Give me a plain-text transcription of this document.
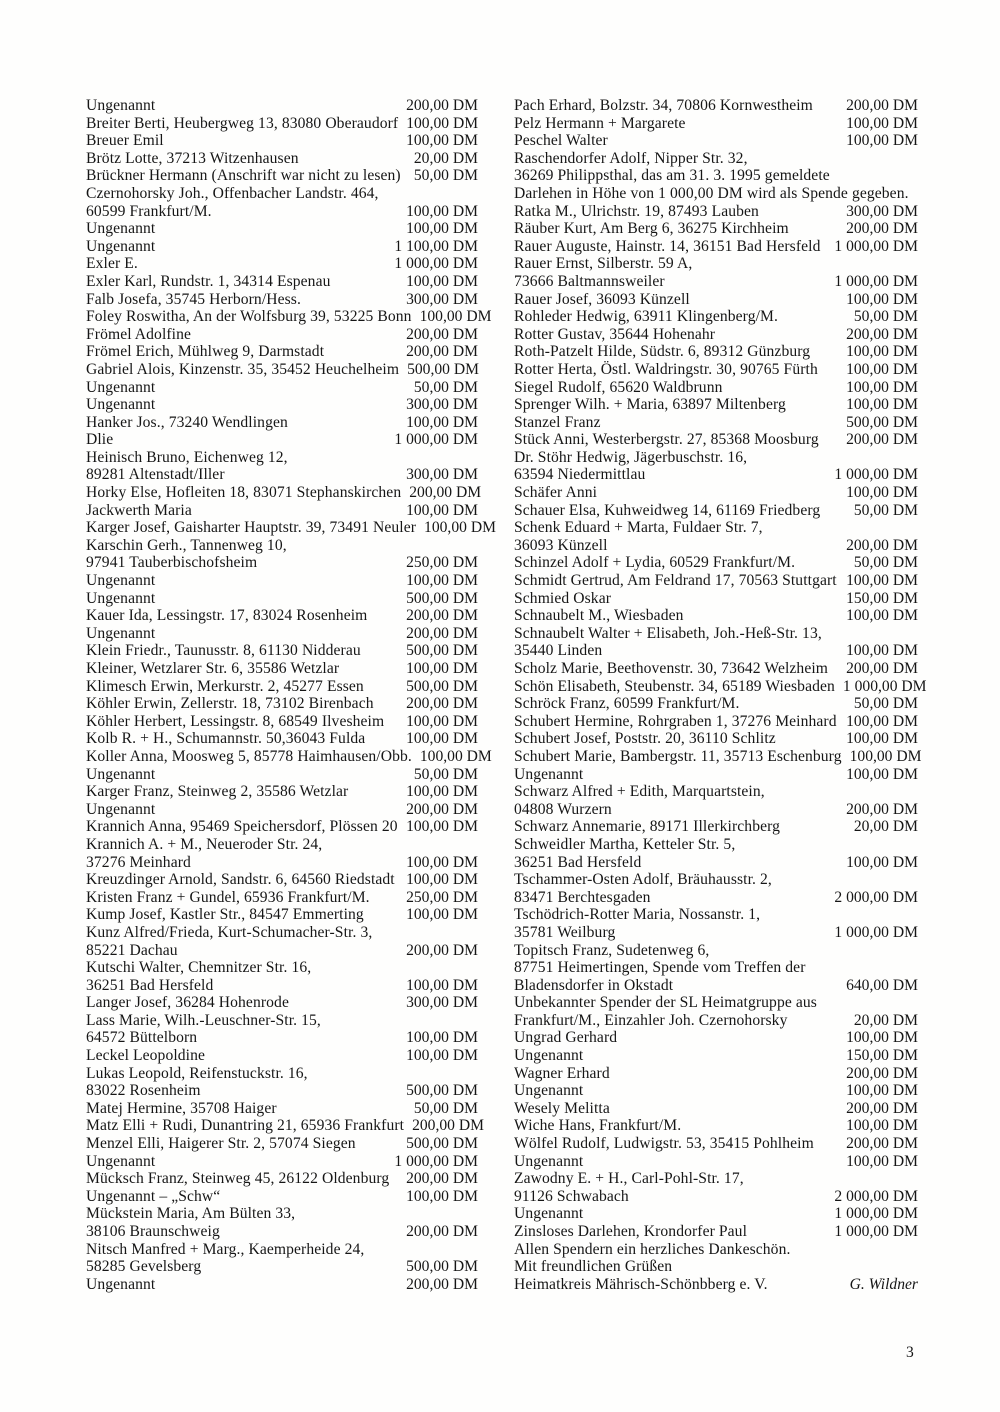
Ungenannt	200,00 DM
Breiter Berti, Heubergweg 13, 83080 Oberaudorf 100,00 DM
Breuer Emil	100,00 DM
Brötz Lotte, 37213 Witzenhausen	20,00 DM
Brückner Hermann (Anschrift war nicht zu lesen) 50,00 DM
Czernohorsky Joh., Offenbacher Landstr. 464,
60599 Frankfurt/M.	100,00 DM
Ungenannt	100,00 DM
Ungenannt	1 100,00 DM
Exler E.	1 000,00 DM
Exler Karl, Rundstr. 1, 34314 Espenau	100,00 DM
Falb Josefa, 35745 Herborn/Hess.	300,00 DM
Foley Roswitha, An der Wolfsburg 39, 53225 Bonn 100,00 DM
Frömel Adolfine	200,00 DM
Frömel Erich, Mühlweg 9, Darmstadt	200,00 DM
Gabriel Alois, Kinzenstr. 35, 35452 Heuchelheim 500,00 DM
Ungenannt	50,00 DM
Ungenannt	300,00 DM
Hanker Jos., 73240 Wendlingen	100,00 DM
Dlie	1 000,00 DM
Heinisch Bruno, Eichenweg 12,
89281 Altenstadt/Iller	300,00 DM
Horky Else, Hofleiten 18, 83071 Stephanskirchen 200,00 DM
Jackwerth Maria	100,00 DM
Karger Josef, Gaisharter Hauptstr. 39, 73491 Neuler 100,00 DM
Karschin Gerh., Tannenweg 10,
97941 Tauberbischofsheim	250,00 DM
Ungenannt	100,00 DM
Ungenannt	500,00 DM
Kauer Ida, Lessingstr. 17, 83024 Rosenheim	200,00 DM
Ungenannt	200,00 DM
Klein Friedr., Taunusstr. 8, 61130 Nidderau	500,00 DM
Kleiner, Wetzlarer Str. 6, 35586 Wetzlar	100,00 DM
Klimesch Erwin, Merkurstr. 2, 45277 Essen	500,00 DM
Köhler Erwin, Zellerstr. 18, 73102 Birenbach	200,00 DM
Köhler Herbert, Lessingstr. 8, 68549 Ilvesheim	100,00 DM
Kolb R. + H., Schumannstr. 50,36043 Fulda	100,00 DM
Koller Anna, Moosweg 5, 85778 Haimhausen/Obb. 100,00 DM
Ungenannt	50,00 DM
Karger Franz, Steinweg 2, 35586 Wetzlar	100,00 DM
Ungenannt	200,00 DM
Krannich Anna, 95469 Speichersdorf, Plössen 20 100,00 DM
Krannich A. + M., Neueroder Str. 24,
37276 Meinhard	100,00 DM
Kreuzdinger Arnold, Sandstr. 6, 64560 Riedstadt 100,00 DM
Kristen Franz + Gundel, 65936 Frankfurt/M.	250,00 DM
Kump Josef, Kastler Str., 84547 Emmerting	100,00 DM
Kunz Alfred/Frieda, Kurt-Schumacher-Str. 3,
85221 Dachau	200,00 DM
Kutschi Walter, Chemnitzer Str. 16,
36251 Bad Hersfeld	100,00 DM
Langer Josef, 36284 Hohenrode	300,00 DM
Lass Marie, Wilh.-Leuschner-Str. 15,
64572 Büttelborn	100,00 DM
Leckel Leopoldine	100,00 DM
Lukas Leopold, Reifenstuckstr. 16,
83022 Rosenheim	500,00 DM
Matej Hermine, 35708 Haiger	50,00 DM
Matz Elli + Rudi, Dunantring 21, 65936 Frankfurt 200,00 DM
Menzel Elli, Haigerer Str. 2, 57074 Siegen	500,00 DM
Ungenannt	1 000,00 DM
Mücksch Franz, Steinweg 45, 26122 Oldenburg	200,00 DM
Ungenannt – „Schw“	100,00 DM
Mückstein Maria, Am Bülten 33,
38106 Braunschweig	200,00 DM
Nitsch Manfred + Marg., Kaemperheide 24,
58285 Gevelsberg	500,00 DM
Ungenannt	200,00 DM
Pach Erhard, Bolzstr. 34, 70806 Kornwestheim	200,00 DM
Pelz Hermann + Margarete	100,00 DM
Peschel Walter	100,00 DM
Raschendorfer Adolf, Nipper Str. 32,
36269 Philippsthal, das am 31. 3. 1995 gemeldete
Darlehen in Höhe von 1 000,00 DM wird als Spende gegeben.
Ratka M., Ulrichstr. 19, 87493 Lauben	300,00 DM
Räuber Kurt, Am Berg 6, 36275 Kirchheim	200,00 DM
Rauer Auguste, Hainstr. 14, 36151 Bad Hersfeld 1 000,00 DM
Rauer Ernst, Silberstr. 59 A,
73666 Baltmannsweiler	1 000,00 DM
Rauer Josef, 36093 Künzell	100,00 DM
Rohleder Hedwig, 63911 Klingenberg/M.	50,00 DM
Rotter Gustav, 35644 Hohenahr	200,00 DM
Roth-Patzelt Hilde, Südstr. 6, 89312 Günzburg	100,00 DM
Rotter Herta, Östl. Waldringstr. 30, 90765 Fürth	100,00 DM
Siegel Rudolf, 65620 Waldbrunn	100,00 DM
Sprenger Wilh. + Maria, 63897 Miltenberg	100,00 DM
Stanzel Franz	500,00 DM
Stück Anni, Westerbergstr. 27, 85368 Moosburg	200,00 DM
Dr. Stöhr Hedwig, Jägerbuschstr. 16,
63594 Niedermittlau	1 000,00 DM
Schäfer Anni	100,00 DM
Schauer Elsa, Kuhweidweg 14, 61169 Friedberg	50,00 DM
Schenk Eduard + Marta, Fuldaer Str. 7,
36093 Künzell	200,00 DM
Schinzel Adolf + Lydia, 60529 Frankfurt/M.	50,00 DM
Schmidt Gertrud, Am Feldrand 17, 70563 Stuttgart 100,00 DM
Schmied Oskar	150,00 DM
Schnaubelt M., Wiesbaden	100,00 DM
Schnaubelt Walter + Elisabeth, Joh.-Heß-Str. 13,
35440 Linden	100,00 DM
Scholz Marie, Beethovenstr. 30, 73642 Welzheim	200,00 DM
Schön Elisabeth, Steubenstr. 34, 65189 Wiesbaden 1 000,00 DM
Schröck Franz, 60599 Frankfurt/M.	50,00 DM
Schubert Hermine, Rohrgraben 1, 37276 Meinhard 100,00 DM
Schubert Josef, Poststr. 20, 36110 Schlitz	100,00 DM
Schubert Marie, Bambergstr. 11, 35713 Eschenburg 100,00 DM
Ungenannt	100,00 DM
Schwarz Alfred + Edith, Marquartstein,
04808 Wurzern	200,00 DM
Schwarz Annemarie, 89171 Illerkirchberg	20,00 DM
Schweidler Martha, Ketteler Str. 5,
36251 Bad Hersfeld	100,00 DM
Tschammer-Osten Adolf, Bräuhausstr. 2,
83471 Berchtesgaden	2 000,00 DM
Tschödrich-Rotter Maria, Nossanstr. 1,
35781 Weilburg	1 000,00 DM
Topitsch Franz, Sudetenweg 6,
87751 Heimertingen, Spende vom Treffen der
Bladensdorfer in Okstadt	640,00 DM
Unbekannter Spender der SL Heimatgruppe aus
Frankfurt/M., Einzahler Joh. Czernohorsky	20,00 DM
Ungrad Gerhard	100,00 DM
Ungenannt	150,00 DM
Wagner Erhard	200,00 DM
Ungenannt	100,00 DM
Wesely Melitta	200,00 DM
Wiche Hans, Frankfurt/M.	100,00 DM
Wölfel Rudolf, Ludwigstr. 53, 35415 Pohlheim	200,00 DM
Ungenannt	100,00 DM
Zawodny E. + H., Carl-Pohl-Str. 17,
91126 Schwabach	2 000,00 DM
Ungenannt	1 000,00 DM
Zinsloses Darlehen, Krondorfer Paul	1 000,00 DM
Allen Spendern ein herzliches Dankeschön.
Mit freundlichen Grüßen
Heimatkreis Mährisch-Schönbberg e. V.	G. Wildner
3
